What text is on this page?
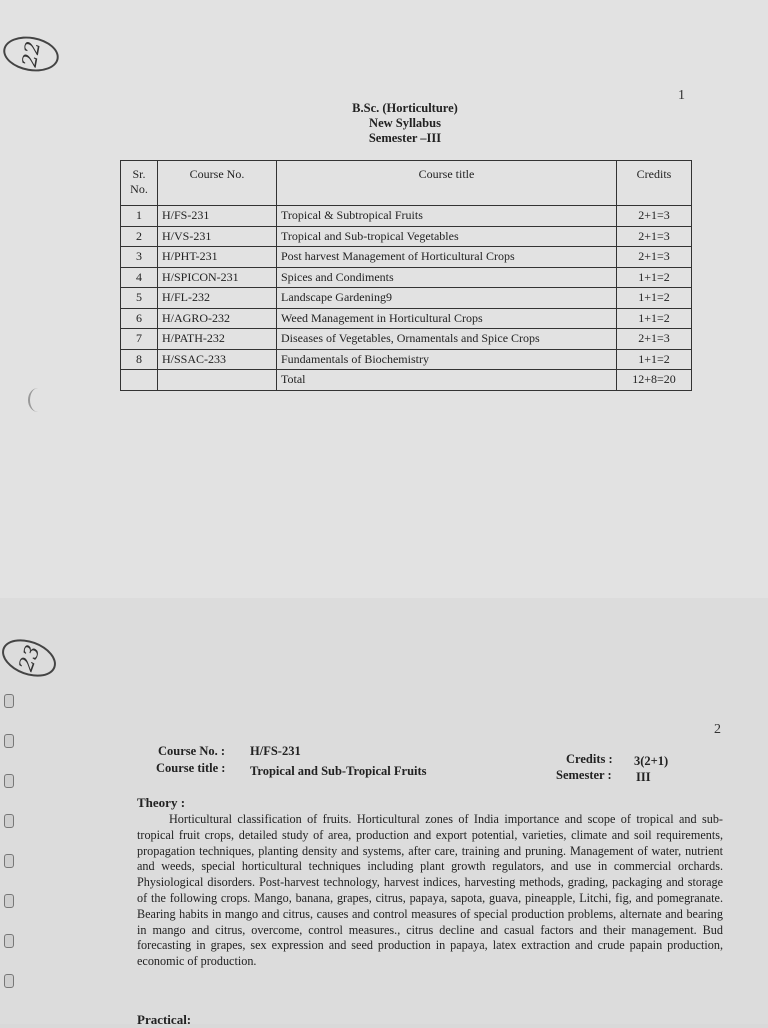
22
1
B.Sc. (Horticulture)
New Syllabus
Semester –III
Sr. No.	Course No.	Course title	Credits
1	H/FS-231	Tropical & Subtropical Fruits	2+1=3
2	H/VS-231	Tropical and Sub-tropical Vegetables	2+1=3
3	H/PHT-231	Post harvest Management of Horticultural Crops	2+1=3
4	H/SPICON-231	Spices and Condiments	1+1=2
5	H/FL-232	Landscape Gardening9	1+1=2
6	H/AGRO-232	Weed Management in Horticultural Crops	1+1=2
7	H/PATH-232	Diseases of Vegetables, Ornamentals and Spice Crops	2+1=3
8	H/SSAC-233	Fundamentals of Biochemistry	1+1=2
		Total	12+8=20
23
2
Course No. : H/FS-231
Course title : Tropical and Sub-Tropical Fruits
Credits : 3(2+1)
Semester : III
Theory :
Horticultural classification of fruits. Horticultural zones of India importance and scope of tropical and sub-tropical fruit crops, detailed study of area, production and export potential, varieties, climate and soil requirements, propagation techniques, planting density and systems, after care, training and pruning. Management of water, nutrient and weeds, special horticultural techniques including plant growth regulators, and use in commercial orchards. Physiological disorders. Post-harvest technology, harvest indices, harvesting methods, grading, packaging and storage of the following crops. Mango, banana, grapes, citrus, papaya, sapota, guava, pineapple, Litchi, fig, and pomegranate. Bearing habits in mango and citrus, causes and control measures of special production problems, alternate and bearing in mango and citrus, overcome, control measures., citrus decline and casual factors and their management. Bud forecasting in grapes, sex expression and seed production in papaya, latex extraction and crude papain production, economic of production.
Practical:
